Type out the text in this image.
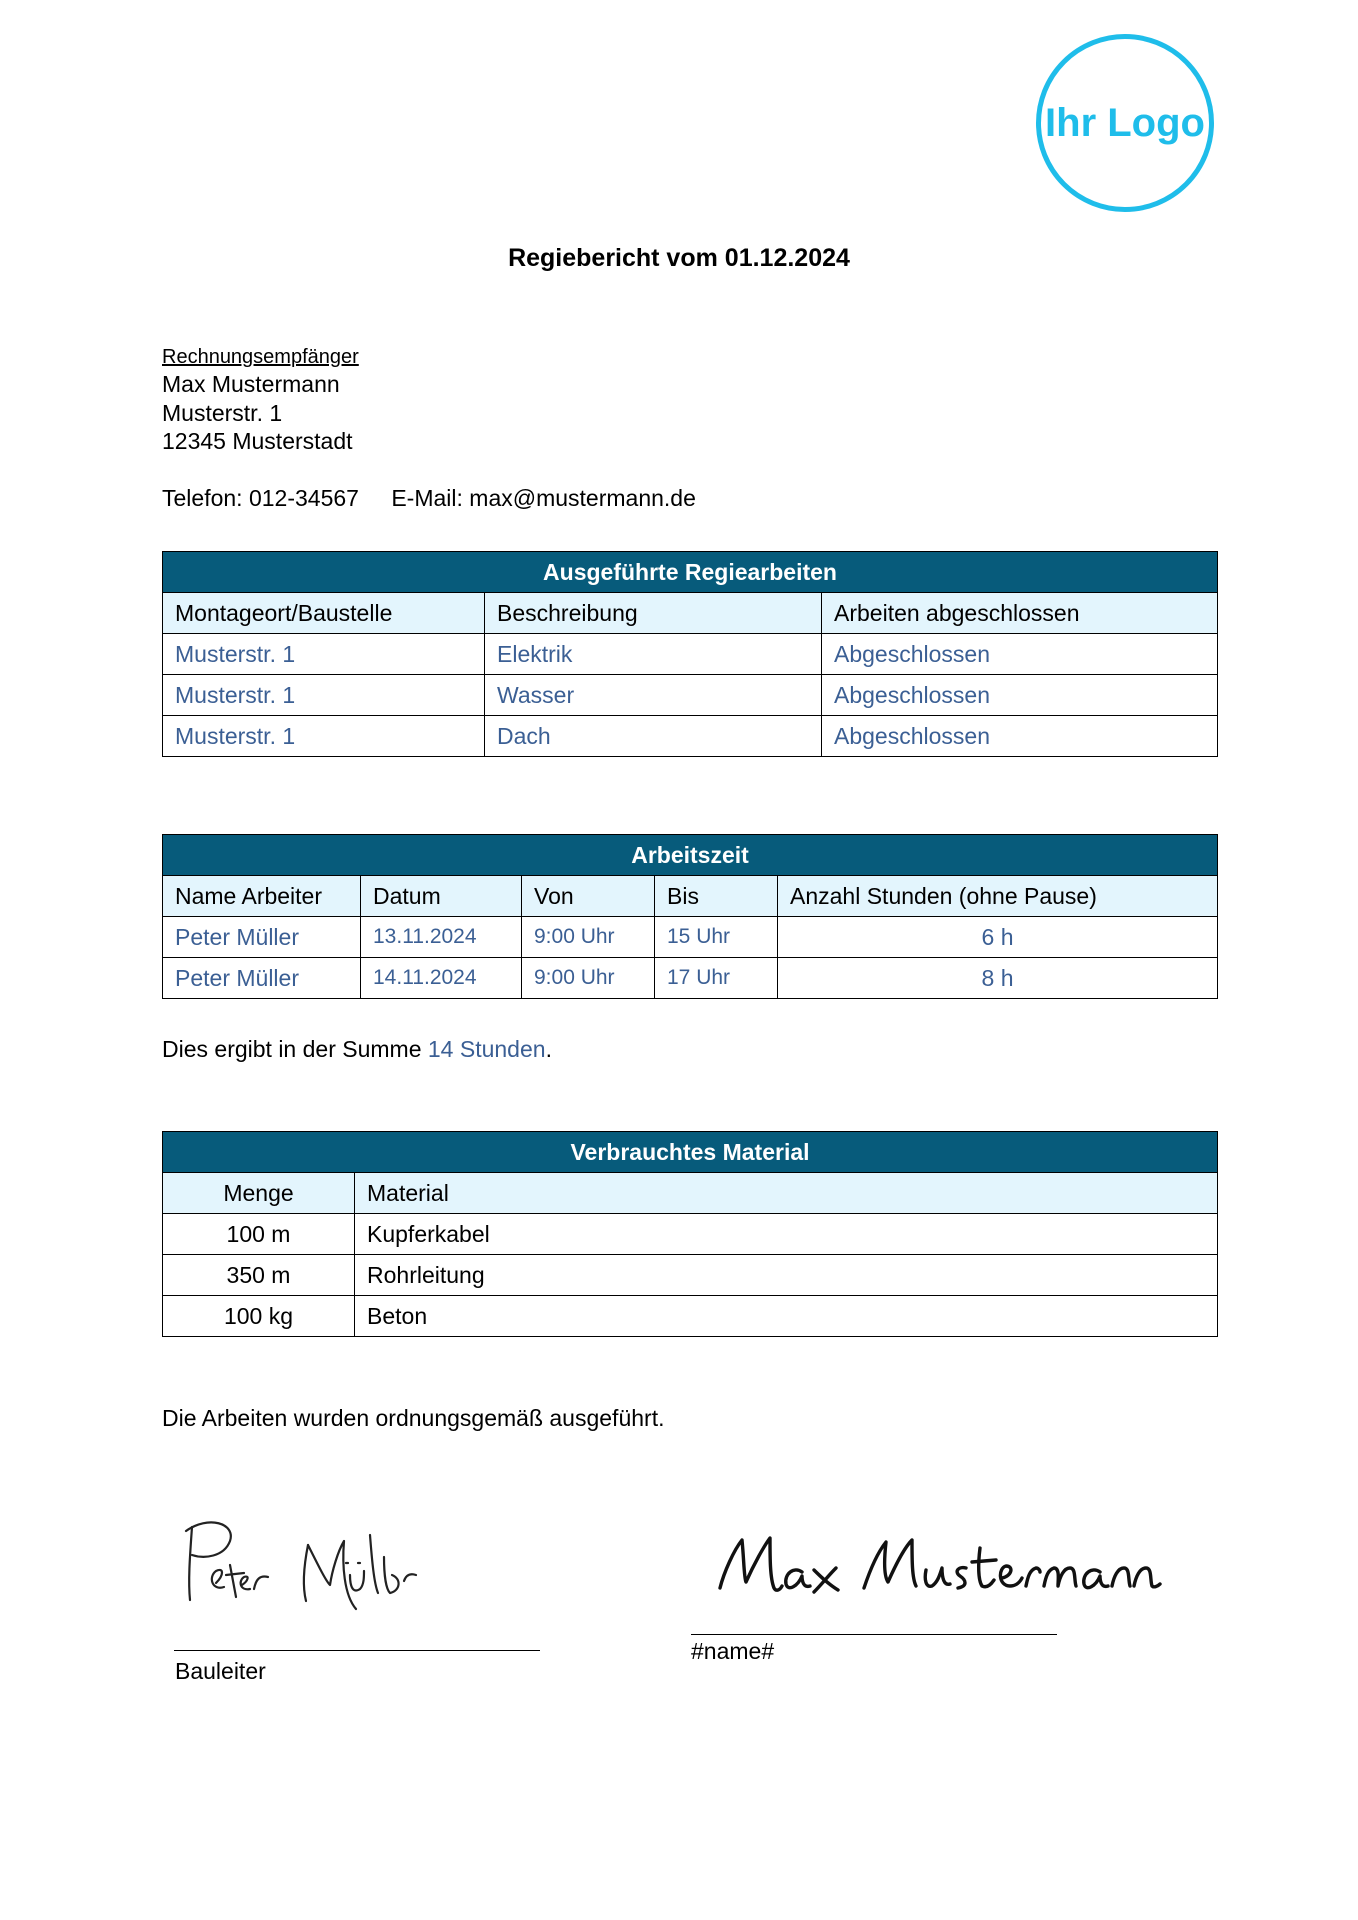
Ihr Logo
Regiebericht vom 01.12.2024
Rechnungsempfänger
Max Mustermann
Musterstr. 1
12345 Musterstadt
Telefon: 012-34567 E-Mail: max@mustermann.de
Ausgeführte Regiearbeiten		
Montageort/Baustelle	Beschreibung	Arbeiten abgeschlossen
Musterstr. 1	Elektrik	Abgeschlossen
Musterstr. 1	Wasser	Abgeschlossen
Musterstr. 1	Dach	Abgeschlossen
Arbeitszeit				
Name Arbeiter	Datum	Von	Bis	Anzahl Stunden (ohne Pause)
Peter Müller	13.11.2024	9:00 Uhr	15 Uhr	6 h
Peter Müller	14.11.2024	9:00 Uhr	17 Uhr	8 h
Dies ergibt in der Summe 14 Stunden.
Verbrauchtes Material	
Menge	Material
100 m	Kupferkabel
350 m	Rohrleitung
100 kg	Beton
Die Arbeiten wurden ordnungsgemäß ausgeführt.
Bauleiter
#name#
